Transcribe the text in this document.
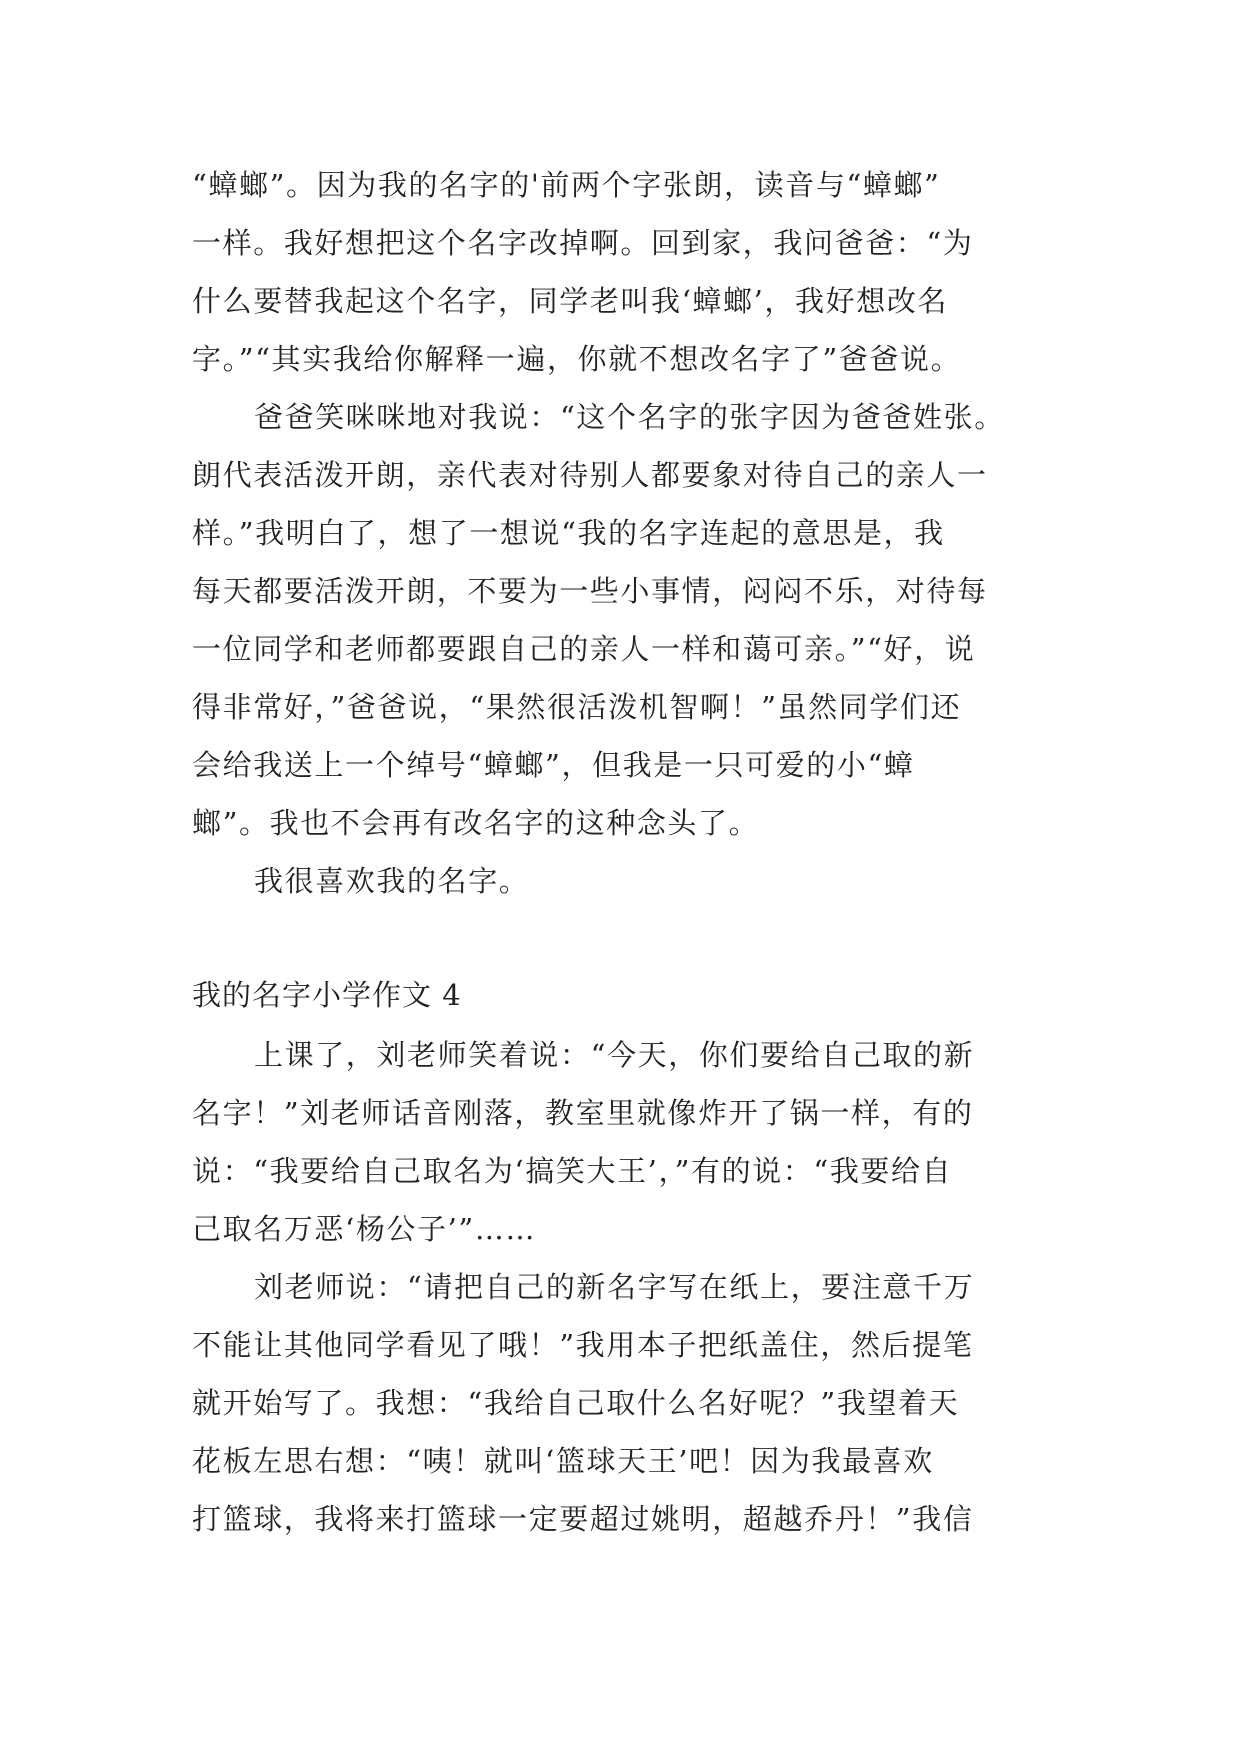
“蟑螂”。因为我的名字的'前两个字张朗，读音与“蟑螂”
一样。我好想把这个名字改掉啊。回到家，我问爸爸：“为
什么要替我起这个名字，同学老叫我‘蟑螂’，我好想改名
字。”“其实我给你解释一遍，你就不想改名字了”爸爸说。
爸爸笑咪咪地对我说：“这个名字的张字因为爸爸姓张。
朗代表活泼开朗，亲代表对待别人都要象对待自己的亲人一
样。”我明白了，想了一想说“我的名字连起的意思是，我
每天都要活泼开朗，不要为一些小事情，闷闷不乐，对待每
一位同学和老师都要跟自己的亲人一样和蔼可亲。”“好，说
得非常好，”爸爸说，“果然很活泼机智啊！”虽然同学们还
会给我送上一个绰号“蟑螂”，但我是一只可爱的小“蟑
螂”。我也不会再有改名字的这种念头了。
我很喜欢我的名字。
我的名字小学作文 4
上课了，刘老师笑着说：“今天，你们要给自己取的新
名字！”刘老师话音刚落，教室里就像炸开了锅一样，有的
说：“我要给自己取名为‘搞笑大王’，”有的说：“我要给自
己取名万恶‘杨公子’”……
刘老师说：“请把自己的新名字写在纸上，要注意千万
不能让其他同学看见了哦！”我用本子把纸盖住，然后提笔
就开始写了。我想：“我给自己取什么名好呢？”我望着天
花板左思右想：“咦！就叫‘篮球天王’吧！因为我最喜欢
打篮球，我将来打篮球一定要超过姚明，超越乔丹！”我信
